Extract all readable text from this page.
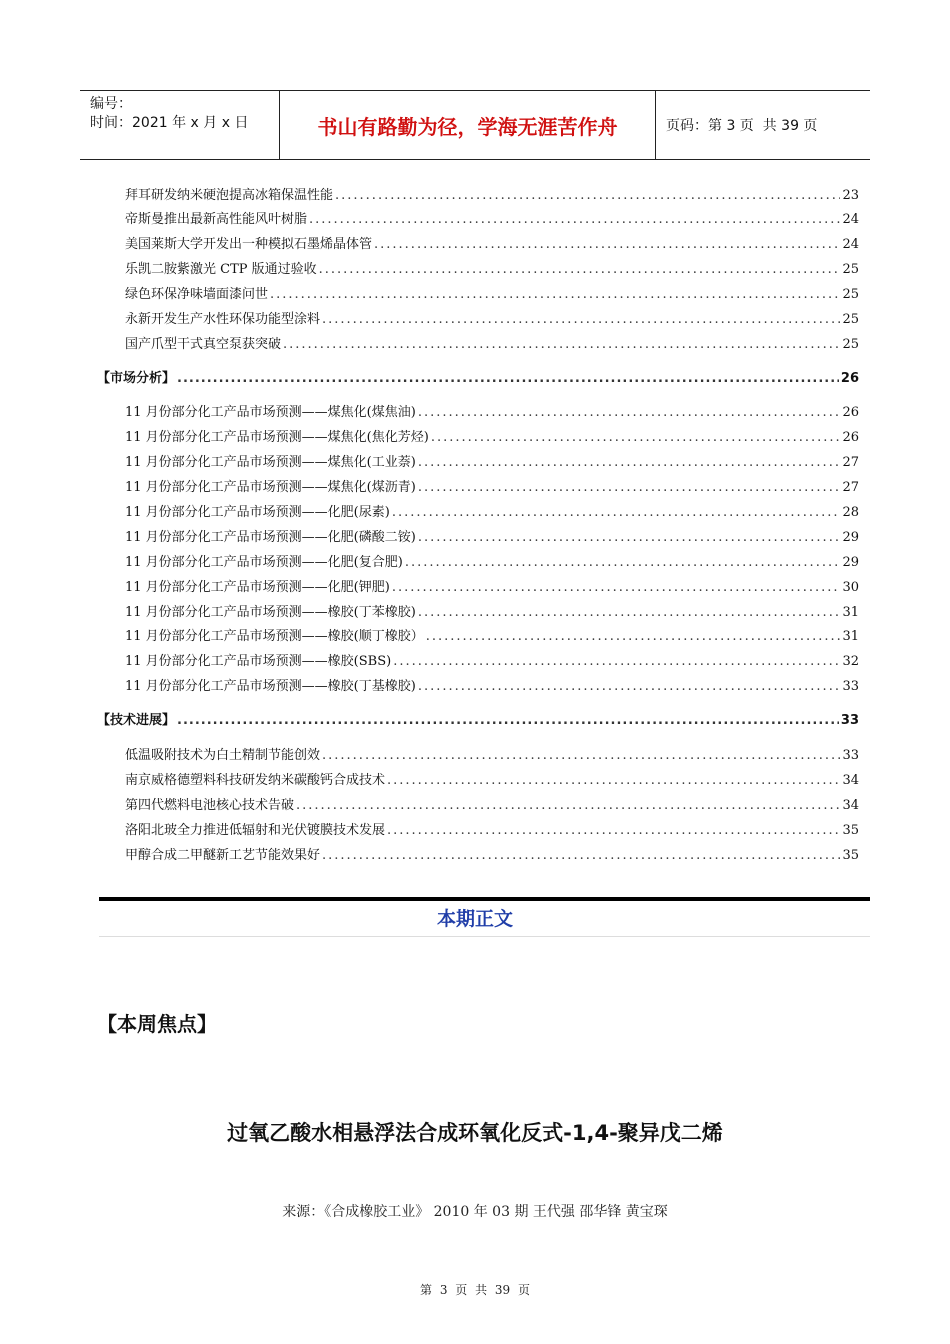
编号：
时间：2021 年 x 月 x 日	书山有路勤为径，学海无涯苦作舟	页码：第 3 页  共 39 页
拜耳研发纳米硬泡提高冰箱保温性能 .....	23
帝斯曼推出最新高性能风叶树脂 .....	24
美国莱斯大学开发出一种模拟石墨烯晶体管 .....	24
乐凯二胺紫激光 CTP 版通过验收 .....	25
绿色环保净味墙面漆问世 .....	25
永新开发生产水性环保功能型涂料 .....	25
国产爪型干式真空泵获突破 .....	25
【市场分析】 .....	26
11 月份部分化工产品市场预测——煤焦化(煤焦油) .....	26
11 月份部分化工产品市场预测——煤焦化(焦化芳烃) .....	26
11 月份部分化工产品市场预测——煤焦化(工业萘) .....	27
11 月份部分化工产品市场预测——煤焦化(煤沥青) .....	27
11 月份部分化工产品市场预测——化肥(尿素) .....	28
11 月份部分化工产品市场预测——化肥(磷酸二铵) .....	29
11 月份部分化工产品市场预测——化肥(复合肥) .....	29
11 月份部分化工产品市场预测——化肥(钾肥) .....	30
11 月份部分化工产品市场预测——橡胶(丁苯橡胶) .....	31
11 月份部分化工产品市场预测——橡胶(顺丁橡胶） .....	31
11 月份部分化工产品市场预测——橡胶(SBS) .....	32
11 月份部分化工产品市场预测——橡胶(丁基橡胶) .....	33
【技术进展】 .....	33
低温吸附技术为白土精制节能创效 .....	33
南京威格德塑料科技研发纳米碳酸钙合成技术 .....	34
第四代燃料电池核心技术告破 .....	34
洛阳北玻全力推进低辐射和光伏镀膜技术发展 .....	35
甲醇合成二甲醚新工艺节能效果好 .....	35
本期正文
【本周焦点】
过氧乙酸水相悬浮法合成环氧化反式-1,4-聚异戊二烯
来源：《合成橡胶工业》 2010 年 03 期 王代强 邵华锋 黄宝琛
第 3 页 共 39 页
